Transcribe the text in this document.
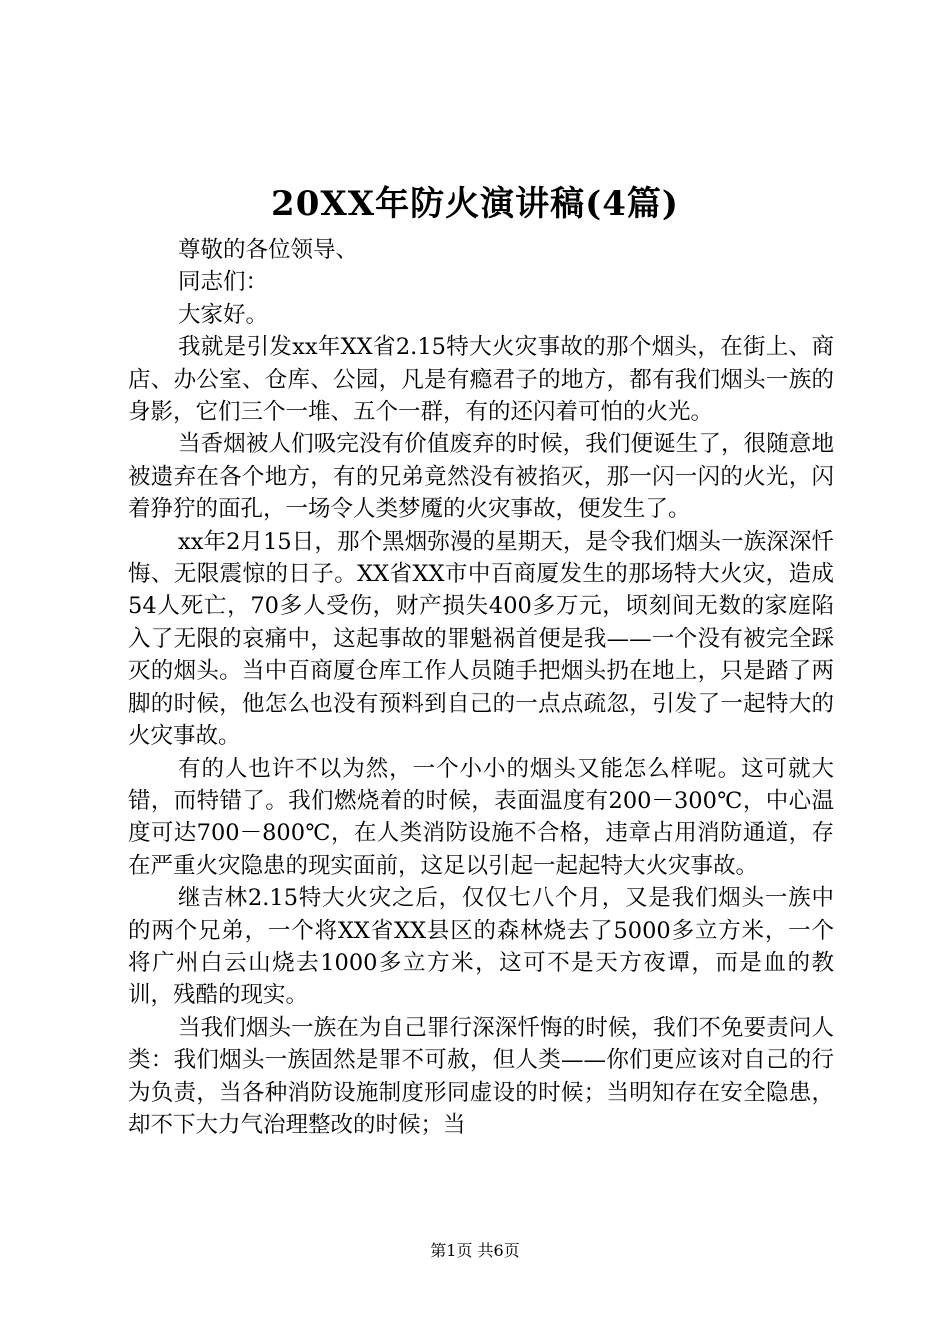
20XX年防火演讲稿(4篇)

尊敬的各位领导、

同志们：

大家好。

我就是引发xx年XX省2.15特大火灾事故的那个烟头，在街上、商店、办公室、仓库、公园，凡是有瘾君子的地方，都有我们烟头一族的身影，它们三个一堆、五个一群，有的还闪着可怕的火光。

当香烟被人们吸完没有价值废弃的时候，我们便诞生了，很随意地被遗弃在各个地方，有的兄弟竟然没有被掐灭，那一闪一闪的火光，闪着狰狞的面孔，一场令人类梦魇的火灾事故，便发生了。

xx年2月15日，那个黑烟弥漫的星期天，是令我们烟头一族深深忏悔、无限震惊的日子。XX省XX市中百商厦发生的那场特大火灾，造成54人死亡，70多人受伤，财产损失400多万元，顷刻间无数的家庭陷入了无限的哀痛中，这起事故的罪魁祸首便是我——一个没有被完全踩灭的烟头。当中百商厦仓库工作人员随手把烟头扔在地上，只是踏了两脚的时候，他怎么也没有预料到自己的一点点疏忽，引发了一起特大的火灾事故。

有的人也许不以为然，一个小小的烟头又能怎么样呢。这可就大错，而特错了。我们燃烧着的时候，表面温度有200－300℃，中心温度可达700－800℃，在人类消防设施不合格，违章占用消防通道，存在严重火灾隐患的现实面前，这足以引起一起起特大火灾事故。

继吉林2.15特大火灾之后，仅仅七八个月，又是我们烟头一族中的两个兄弟，一个将XX省XX县区的森林烧去了5000多立方米，一个将广州白云山烧去1000多立方米，这可不是天方夜谭，而是血的教训，残酷的现实。

当我们烟头一族在为自己罪行深深忏悔的时候，我们不免要责问人类：我们烟头一族固然是罪不可赦，但人类——你们更应该对自己的行为负责，当各种消防设施制度形同虚设的时候；当明知存在安全隐患，却不下大力气治理整改的时候；当

第1页 共6页
